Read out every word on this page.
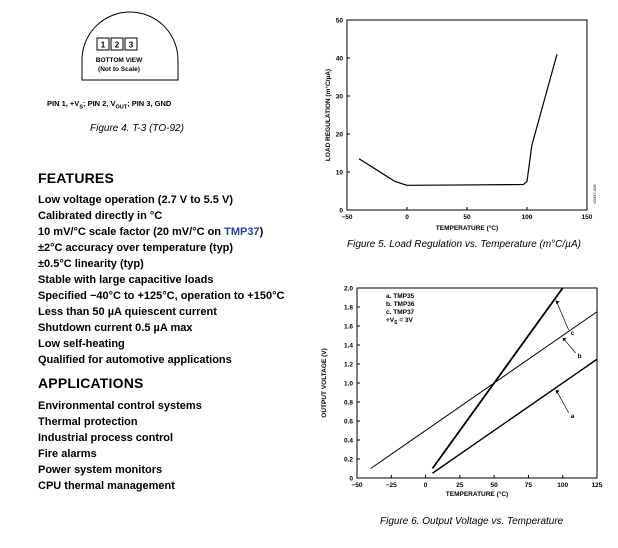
1 2 3
BOTTOM VIEW
(Not to Scale)
PIN 1, $+V_S$; PIN 2, $V_{OUT}$; PIN 3, GND
Figure 4. T-3 (TO-92)
FEATURES
Low voltage operation (2.7 V to 5.5 V)
Calibrated directly in °C
10 mV/°C scale factor (20 mV/°C on TMP37)
±2°C accuracy over temperature (typ)
±0.5°C linearity (typ)
Stable with large capacitive loads
Specified −40°C to +125°C, operation to +150°C
Less than 50 µA quiescent current
Shutdown current 0.5 µA max
Low self-heating
Qualified for automotive applications
APPLICATIONS
Environmental control systems
Thermal protection
Industrial process control
Fire alarms
Power system monitors
CPU thermal management
−50	0	50	100	150
0
10
20
30
40
50
TEMPERATURE (°C)
LOAD REGULATION (m°C/µA)
00337-006
Figure 5. Load Regulation vs. Temperature (m°C/µA)
−50	−25	0	25	50	75	100	125
0
0.2
0.4
0.6
0.8
1.0
1.2
1.4
1.6
1.8
2.0
TEMPERATURE (°C)
OUTPUT VOLTAGE (V)
a. TMP35
b. TMP36
c. TMP37
$+V_S = 3V$
a
b
c
Figure 6. Output Voltage vs. Temperature
